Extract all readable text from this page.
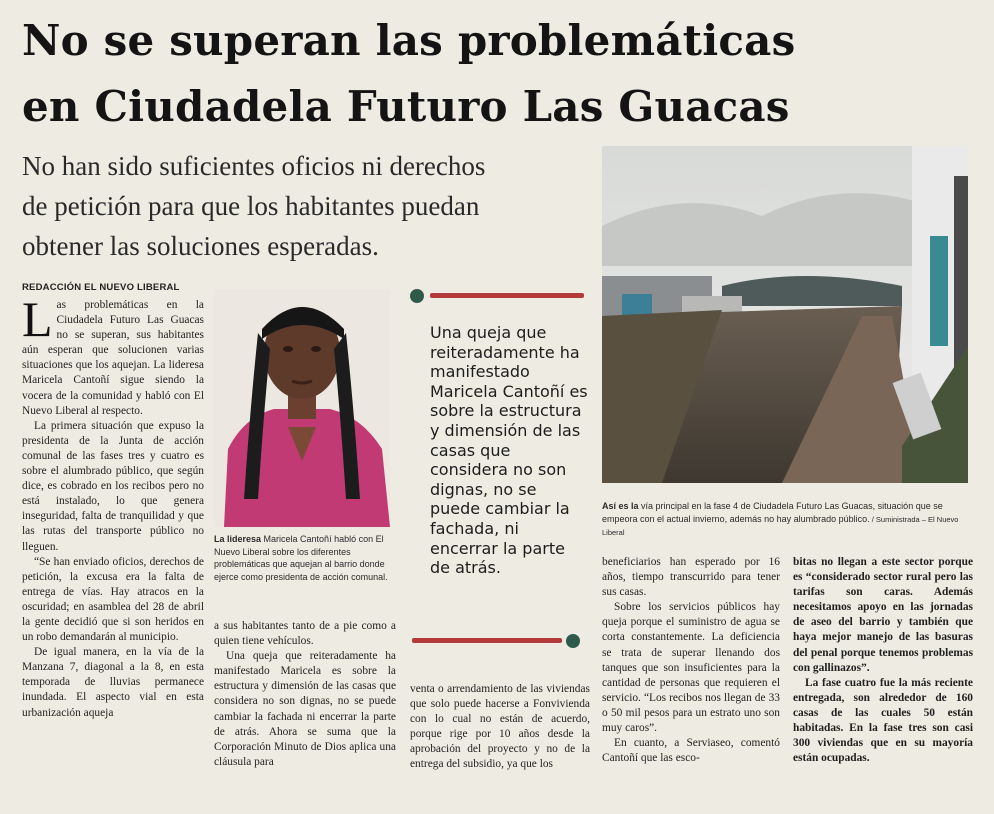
No se superan las problemáticas
en Ciudadela Futuro Las Guacas
No han sido suficientes oficios ni derechos
de petición para que los habitantes puedan
obtener las soluciones esperadas.
REDACCIÓN EL NUEVO LIBERAL

Las problemáticas en la Ciudadela Futuro Las Guacas no se superan, sus habitantes aún esperan que solucionen varias situaciones que los aquejan. La lideresa Maricela Cantoñí sigue siendo la vocera de la comunidad y habló con El Nuevo Liberal al respecto.

La primera situación que expuso la presidenta de la Junta de acción comunal de las fases tres y cuatro es sobre el alumbrado público, que según dice, es cobrado en los recibos pero no está instalado, lo que genera inseguridad, falta de tranquilidad y que las rutas del transporte público no lleguen.

“Se han enviado oficios, derechos de petición, la excusa era la falta de entrega de vías. Hay atracos en la oscuridad; en asamblea del 28 de abril la gente decidió que si son heridos en un robo demandarán al municipio.

De igual manera, en la vía de la Manzana 7, diagonal a la 8, en esta temporada de lluvias permanece inundada. El aspecto vial en esta urbanización aqueja

La lideresa Maricela Cantoñí habló con El Nuevo Liberal sobre los diferentes problemáticas que aquejan al barrio donde ejerce como presidenta de acción comunal.

a sus habitantes tanto de a pie como a quien tiene vehículos.

Una queja que reiteradamente ha manifestado Maricela es sobre la estructura y dimensión de las casas que considera no son dignas, no se puede cambiar la fachada ni encerrar la parte de atrás. Ahora se suma que la Corporación Minuto de Dios aplica una cláusula para

Una queja que reiteradamente ha manifestado Maricela Cantoñí es sobre la estructura y dimensión de las casas que considera no son dignas, no se puede cambiar la fachada, ni encerrar la parte de atrás.

venta o arrendamiento de las viviendas que solo puede hacerse a Fonvivienda con lo cual no están de acuerdo, porque rige por 10 años desde la aprobación del proyecto y no de la entrega del subsidio, ya que los

Así es la vía principal en la fase 4 de Ciudadela Futuro Las Guacas, situación que se empeora con el actual invierno, además no hay alumbrado público. / Suministrada – El Nuevo Liberal

beneficiarios han esperado por 16 años, tiempo transcurrido para tener sus casas.

Sobre los servicios públicos hay queja porque el suministro de agua se corta constantemente. La deficiencia se trata de superar llenando dos tanques que son insuficientes para la cantidad de personas que requieren el servicio. “Los recibos nos llegan de 33 o 50 mil pesos para un estrato uno son muy caros”.

En cuanto, a Serviaseo, comentó Cantoñí que las esco-

bitas no llegan a este sector porque es “considerado sector rural pero las tarifas son caras. Además necesitamos apoyo en las jornadas de aseo del barrio y también que haya mejor manejo de las basuras del penal porque tenemos problemas con gallinazos”.

La fase cuatro fue la más reciente entregada, son alrededor de 160 casas de las cuales 50 están habitadas. En la fase tres son casi 300 viviendas que en su mayoría están ocupadas.
